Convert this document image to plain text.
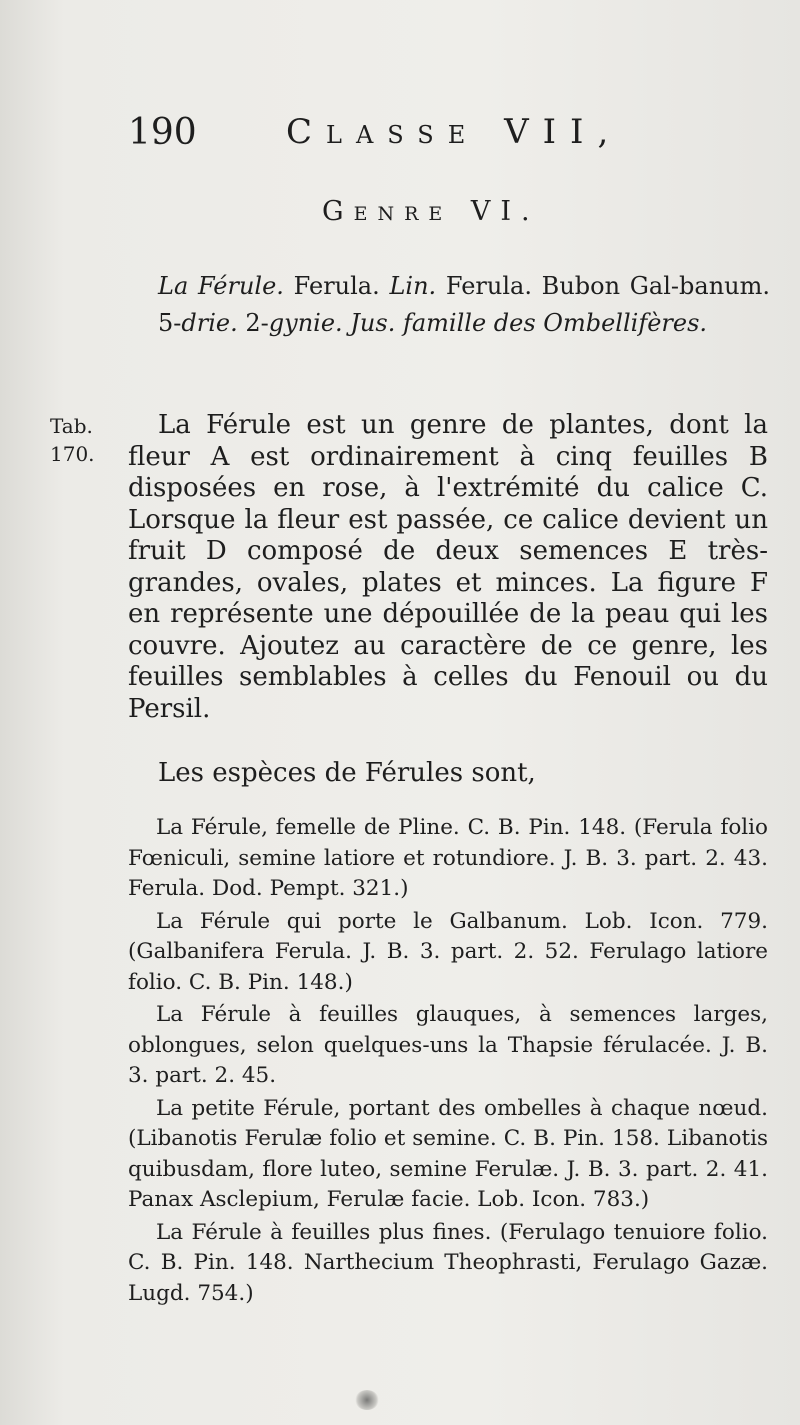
190	Classe VII,
Genre VI.
La Férule. Ferula. Lin. Ferula. Bubon Gal-banum. 5-drie. 2-gynie. Jus. famille des Ombellifères.
Tab.
170.

La Férule est un genre de plantes, dont la fleur A est ordinairement à cinq feuilles B disposées en rose, à l'extrémité du calice C. Lorsque la fleur est passée, ce calice devient un fruit D composé de deux semences E très-grandes, ovales, plates et minces. La figure F en représente une dépouillée de la peau qui les couvre. Ajoutez au caractère de ce genre, les feuilles semblables à celles du Fenouil ou du Persil.

Les espèces de Férules sont,

La Férule, femelle de Pline. C. B. Pin. 148. (Ferula folio Fœniculi, semine latiore et rotundiore. J. B. 3. part. 2. 43. Ferula. Dod. Pempt. 321.)

La Férule qui porte le Galbanum. Lob. Icon. 779. (Galbanifera Ferula. J. B. 3. part. 2. 52. Ferulago latiore folio. C. B. Pin. 148.)

La Férule à feuilles glauques, à semences larges, oblongues, selon quelques-uns la Thapsie férulacée. J. B. 3. part. 2. 45.

La petite Férule, portant des ombelles à chaque nœud. (Libanotis Ferulæ folio et semine. C. B. Pin. 158. Libanotis quibusdam, flore luteo, semine Ferulæ. J. B. 3. part. 2. 41. Panax Asclepium, Ferulæ facie. Lob. Icon. 783.)

La Férule à feuilles plus fines. (Ferulago tenuiore folio. C. B. Pin. 148. Narthecium Theophrasti, Ferulago Gazæ. Lugd. 754.)
